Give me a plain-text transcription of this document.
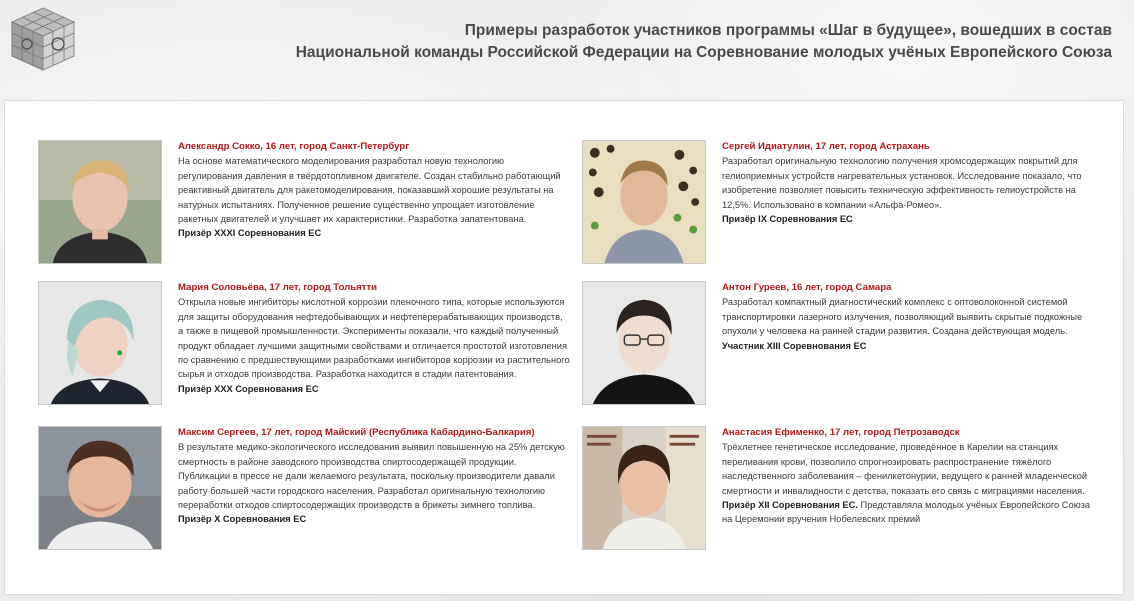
Примеры разработок участников программы «Шаг в будущее», вошедших в состав
Национальной команды Российской Федерации на Соревнование молодых учёных Европейского Союза
Александр Сокко, 16 лет, город Санкт-Петербург
На основе математического моделирования разработал новую технологию
регулирования давления в твёрдотопливном двигателе. Создан стабильно работающий
реактивный двигатель для ракетомоделирования, показавший хорошие результаты на
натурных испытаниях. Полученное решение существенно упрощает изготовление
ракетных двигателей и улучшает их характеристики. Разработка запатентована.
Призёр XXXI Соревнования ЕС
Мария Соловьёва, 17 лет, город Тольятти
Открыла новые ингибиторы кислотной коррозии пленочного типа, которые используются
для защиты оборудования нефтедобывающих и нефтеперерабатывающих производств,
а также в пищевой промышленности. Эксперименты показали, что каждый полученный
продукт обладает лучшими защитными свойствами и отличается простотой изготовления
по сравнению с предшествующими разработками ингибиторов коррозии из растительного
сырья и отходов производства. Разработка находится в стадии патентования.
Призёр XXX Соревнования ЕС
Максим Сергеев, 17 лет, город Майский (Республика Кабардино-Балкария)
В результате медико-экологического исследования выявил повышенную на 25% детскую
смертность в районе заводского производства спиртосодержащей продукции.
Публикации в прессе не дали желаемого результата, поскольку производители давали
работу большей части городского населения. Разработал оригинальную технологию
переработки отходов спиртосодержащих производств в брикеты зимнего топлива.
Призёр X Соревнования ЕС
Сергей Идиатулин, 17 лет, город Астрахань
Разработал оригинальную технологию получения хромсодержащих покрытий для
гелиоприемных устройств нагревательных установок. Исследование показало, что
изобретение позволяет повысить техническую эффективность гелиоустройств на
12,5%. Использовано в компании «Альфа-Ромео».
Призёр IX Соревнования ЕС
Антон Гуреев, 16 лет, город Самара
Разработал компактный диагностический комплекс с оптоволоконной системой
транспортировки лазерного излучения, позволяющий выявить скрытые подкожные
опухоли у человека на ранней стадии развития. Создана действующая модель.
Участник XIII Соревнования ЕС
Анастасия Ефименко, 17 лет, город Петрозаводск
Трёхлетнее генетическое исследование, проведённое в Карелии на станциях
переливания крови, позволило спрогнозировать распространение тяжёлого
наследственного заболевания – фенилкетонурии, ведущего к ранней младенческой
смертности и инвалидности с детства, показать его связь с миграциями населения.
Призёр XII Соревнования ЕС. Представляла молодых учёных Европейского Союза
на Церемонии вручения Нобелевских премий
